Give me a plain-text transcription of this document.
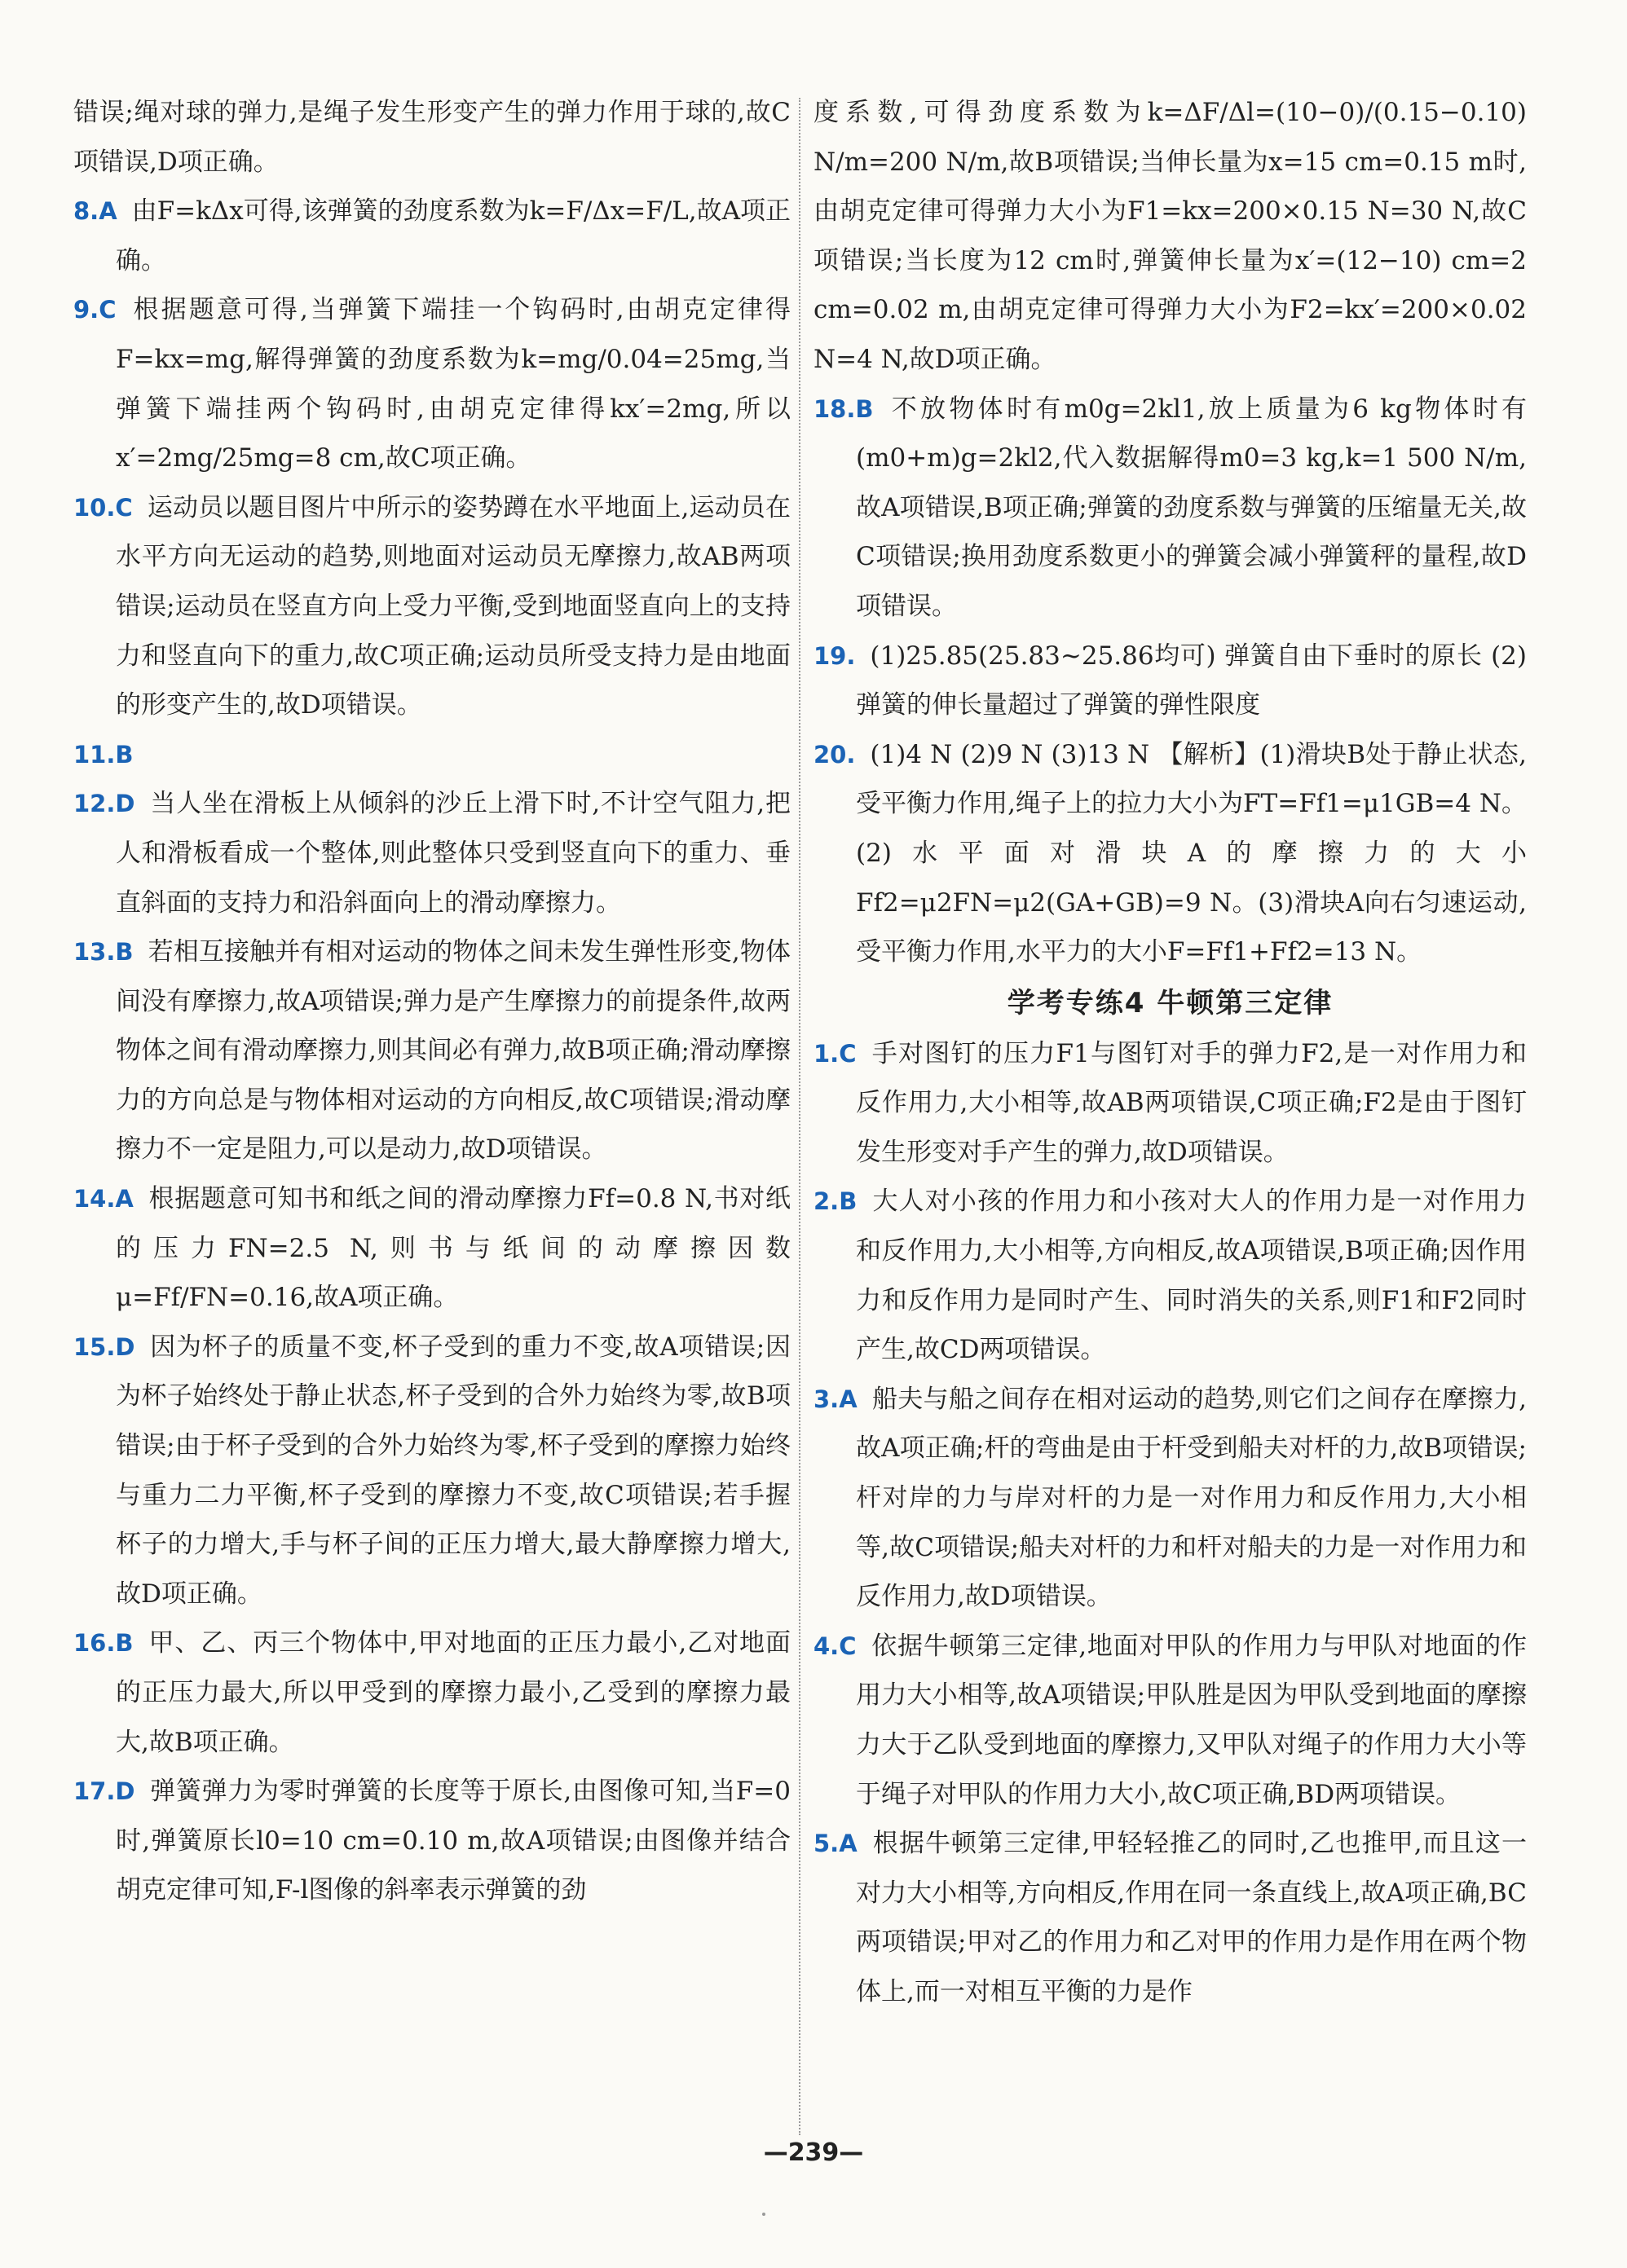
错误;绳对球的弹力,是绳子发生形变产生的弹力作用于球的,故C项错误,D项正确。
8.A 由F=kΔx可得,该弹簧的劲度系数为k=F/Δx=F/L,故A项正确。
9.C 根据题意可得,当弹簧下端挂一个钩码时,由胡克定律得F=kx=mg,解得弹簧的劲度系数为k=mg/0.04=25mg,当弹簧下端挂两个钩码时,由胡克定律得kx′=2mg,所以x′=2mg/25mg=8 cm,故C项正确。
10.C 运动员以题目图片中所示的姿势蹲在水平地面上,运动员在水平方向无运动的趋势,则地面对运动员无摩擦力,故AB两项错误;运动员在竖直方向上受力平衡,受到地面竖直向上的支持力和竖直向下的重力,故C项正确;运动员所受支持力是由地面的形变产生的,故D项错误。
11.B
12.D 当人坐在滑板上从倾斜的沙丘上滑下时,不计空气阻力,把人和滑板看成一个整体,则此整体只受到竖直向下的重力、垂直斜面的支持力和沿斜面向上的滑动摩擦力。
13.B 若相互接触并有相对运动的物体之间未发生弹性形变,物体间没有摩擦力,故A项错误;弹力是产生摩擦力的前提条件,故两物体之间有滑动摩擦力,则其间必有弹力,故B项正确;滑动摩擦力的方向总是与物体相对运动的方向相反,故C项错误;滑动摩擦力不一定是阻力,可以是动力,故D项错误。
14.A 根据题意可知书和纸之间的滑动摩擦力Ff=0.8 N,书对纸的压力FN=2.5 N,则书与纸间的动摩擦因数μ=Ff/FN=0.16,故A项正确。
15.D 因为杯子的质量不变,杯子受到的重力不变,故A项错误;因为杯子始终处于静止状态,杯子受到的合外力始终为零,故B项错误;由于杯子受到的合外力始终为零,杯子受到的摩擦力始终与重力二力平衡,杯子受到的摩擦力不变,故C项错误;若手握杯子的力增大,手与杯子间的正压力增大,最大静摩擦力增大,故D项正确。
16.B 甲、乙、丙三个物体中,甲对地面的正压力最小,乙对地面的正压力最大,所以甲受到的摩擦力最小,乙受到的摩擦力最大,故B项正确。
17.D 弹簧弹力为零时弹簧的长度等于原长,由图像可知,当F=0时,弹簧原长l0=10 cm=0.10 m,故A项错误;由图像并结合胡克定律可知,F-l图像的斜率表示弹簧的劲
度系数,可得劲度系数为k=ΔF/Δl=(10−0)/(0.15−0.10) N/m=200 N/m,故B项错误;当伸长量为x=15 cm=0.15 m时,由胡克定律可得弹力大小为F1=kx=200×0.15 N=30 N,故C项错误;当长度为12 cm时,弹簧伸长量为x′=(12−10) cm=2 cm=0.02 m,由胡克定律可得弹力大小为F2=kx′=200×0.02 N=4 N,故D项正确。
18.B 不放物体时有m0g=2kl1,放上质量为6 kg物体时有(m0+m)g=2kl2,代入数据解得m0=3 kg,k=1 500 N/m,故A项错误,B项正确;弹簧的劲度系数与弹簧的压缩量无关,故C项错误;换用劲度系数更小的弹簧会减小弹簧秤的量程,故D项错误。
19. (1)25.85(25.83~25.86均可) 弹簧自由下垂时的原长 (2)弹簧的伸长量超过了弹簧的弹性限度
20. (1)4 N (2)9 N (3)13 N 【解析】(1)滑块B处于静止状态,受平衡力作用,绳子上的拉力大小为FT=Ff1=μ1GB=4 N。(2)水平面对滑块A的摩擦力的大小Ff2=μ2FN=μ2(GA+GB)=9 N。(3)滑块A向右匀速运动,受平衡力作用,水平力的大小F=Ff1+Ff2=13 N。
学考专练4 牛顿第三定律
1.C 手对图钉的压力F1与图钉对手的弹力F2,是一对作用力和反作用力,大小相等,故AB两项错误,C项正确;F2是由于图钉发生形变对手产生的弹力,故D项错误。
2.B 大人对小孩的作用力和小孩对大人的作用力是一对作用力和反作用力,大小相等,方向相反,故A项错误,B项正确;因作用力和反作用力是同时产生、同时消失的关系,则F1和F2同时产生,故CD两项错误。
3.A 船夫与船之间存在相对运动的趋势,则它们之间存在摩擦力,故A项正确;杆的弯曲是由于杆受到船夫对杆的力,故B项错误;杆对岸的力与岸对杆的力是一对作用力和反作用力,大小相等,故C项错误;船夫对杆的力和杆对船夫的力是一对作用力和反作用力,故D项错误。
4.C 依据牛顿第三定律,地面对甲队的作用力与甲队对地面的作用力大小相等,故A项错误;甲队胜是因为甲队受到地面的摩擦力大于乙队受到地面的摩擦力,又甲队对绳子的作用力大小等于绳子对甲队的作用力大小,故C项正确,BD两项错误。
5.A 根据牛顿第三定律,甲轻轻推乙的同时,乙也推甲,而且这一对力大小相等,方向相反,作用在同一条直线上,故A项正确,BC两项错误;甲对乙的作用力和乙对甲的作用力是作用在两个物体上,而一对相互平衡的力是作
—239—
